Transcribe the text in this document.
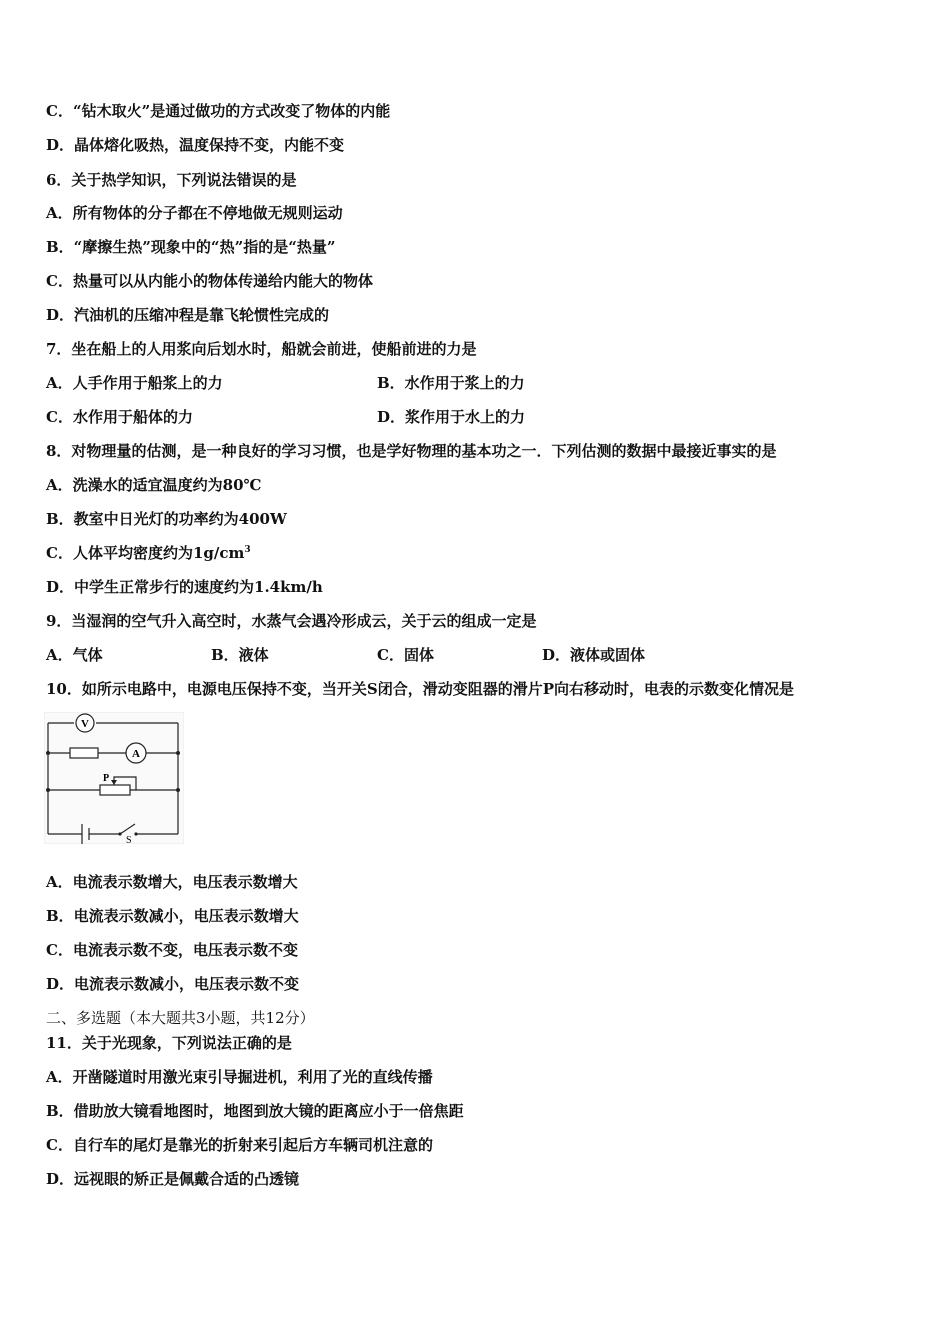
C．“钻木取火”是通过做功的方式改变了物体的内能
D．晶体熔化吸热，温度保持不变，内能不变
6．关于热学知识，下列说法错误的是
A．所有物体的分子都在不停地做无规则运动
B．“摩擦生热”现象中的“热”指的是“热量”
C．热量可以从内能小的物体传递给内能大的物体
D．汽油机的压缩冲程是靠飞轮惯性完成的
7．坐在船上的人用浆向后划水时，船就会前进，使船前进的力是
A．人手作用于船浆上的力	B．水作用于浆上的力
C．水作用于船体的力	D．浆作用于水上的力
8．对物理量的估测，是一种良好的学习习惯，也是学好物理的基本功之一．下列估测的数据中最接近事实的是
A．洗澡水的适宜温度约为80℃
B．教室中日光灯的功率约为400W
C．人体平均密度约为$1g/cm^3$
D．中学生正常步行的速度约为1.4km/h
9．当湿润的空气升入高空时，水蒸气会遇冷形成云，关于云的组成一定是
A．气体	B．液体	C．固体	D．液体或固体
10．如所示电路中，电源电压保持不变，当开关S闭合，滑动变阻器的滑片P向右移动时，电表的示数变化情况是
V
A
P
S
A．电流表示数增大，电压表示数增大
B．电流表示数减小，电压表示数增大
C．电流表示数不变，电压表示数不变
D．电流表示数减小，电压表示数不变
二、多选题（本大题共3小题，共12分）
11．关于光现象，下列说法正确的是
A．开凿隧道时用激光束引导掘进机，利用了光的直线传播
B．借助放大镜看地图时，地图到放大镜的距离应小于一倍焦距
C．自行车的尾灯是靠光的折射来引起后方车辆司机注意的
D．远视眼的矫正是佩戴合适的凸透镜
